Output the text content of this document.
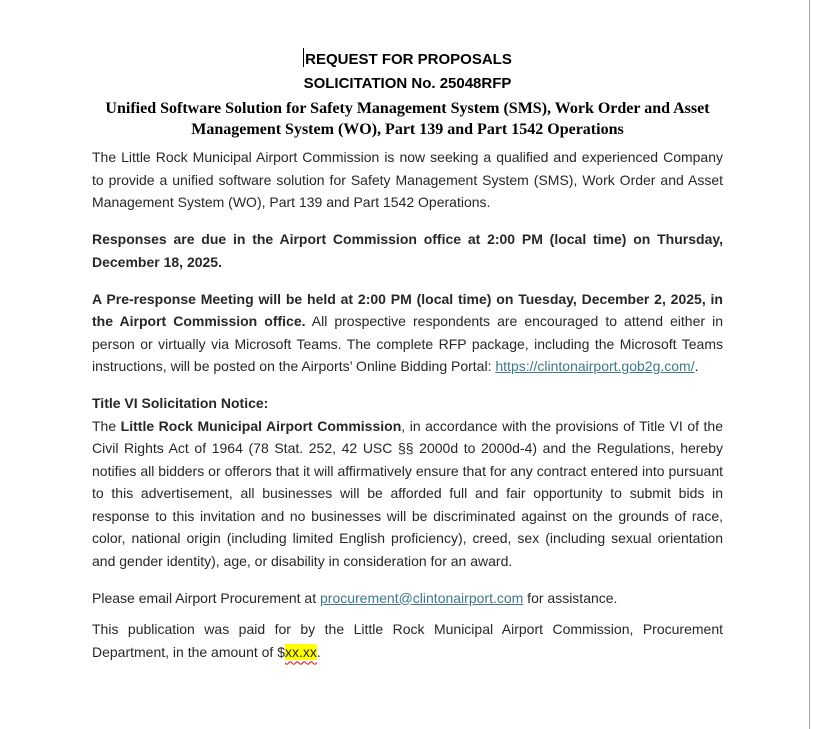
REQUEST FOR PROPOSALS
SOLICITATION No. 25048RFP
Unified Software Solution for Safety Management System (SMS), Work Order and Asset Management System (WO), Part 139 and Part 1542 Operations

The Little Rock Municipal Airport Commission is now seeking a qualified and experienced Company to provide a unified software solution for Safety Management System (SMS), Work Order and Asset Management System (WO), Part 139 and Part 1542 Operations.

Responses are due in the Airport Commission office at 2:00 PM (local time) on Thursday, December 18, 2025.

A Pre-response Meeting will be held at 2:00 PM (local time) on Tuesday, December 2, 2025, in the Airport Commission office. All prospective respondents are encouraged to attend either in person or virtually via Microsoft Teams. The complete RFP package, including the Microsoft Teams instructions, will be posted on the Airports’ Online Bidding Portal: https://clintonairport.gob2g.com/.

Title VI Solicitation Notice:

The Little Rock Municipal Airport Commission, in accordance with the provisions of Title VI of the Civil Rights Act of 1964 (78 Stat. 252, 42 USC §§ 2000d to 2000d-4) and the Regulations, hereby notifies all bidders or offerors that it will affirmatively ensure that for any contract entered into pursuant to this advertisement, all businesses will be afforded full and fair opportunity to submit bids in response to this invitation and no businesses will be discriminated against on the grounds of race, color, national origin (including limited English proficiency), creed, sex (including sexual orientation and gender identity), age, or disability in consideration for an award.

Please email Airport Procurement at procurement@clintonairport.com for assistance.

This publication was paid for by the Little Rock Municipal Airport Commission, Procurement Department, in the amount of $xx.xx.
